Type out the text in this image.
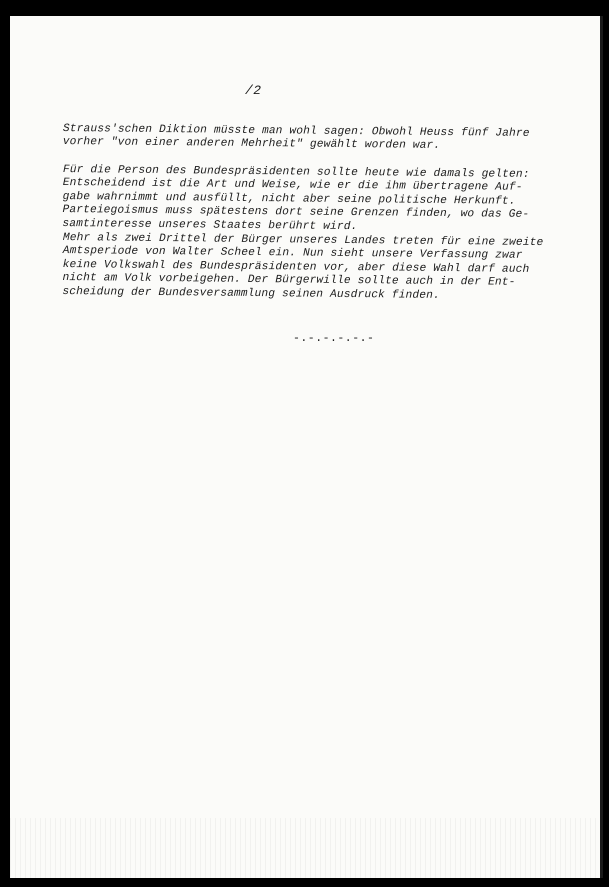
/2
Strauss'schen Diktion müsste man wohl sagen: Obwohl Heuss fünf Jahre
vorher "von einer anderen Mehrheit" gewählt worden war.
Für die Person des Bundespräsidenten sollte heute wie damals gelten:
Entscheidend ist die Art und Weise, wie er die ihm übertragene Auf-
gabe wahrnimmt und ausfüllt, nicht aber seine politische Herkunft.
Parteiegoismus muss spätestens dort seine Grenzen finden, wo das Ge-
samtinteresse unseres Staates berührt wird.
Mehr als zwei Drittel der Bürger unseres Landes treten für eine zweite
Amtsperiode von Walter Scheel ein. Nun sieht unsere Verfassung zwar
keine Volkswahl des Bundespräsidenten vor, aber diese Wahl darf auch
nicht am Volk vorbeigehen. Der Bürgerwille sollte auch in der Ent-
scheidung der Bundesversammlung seinen Ausdruck finden.
-.-.-.-.-.-
